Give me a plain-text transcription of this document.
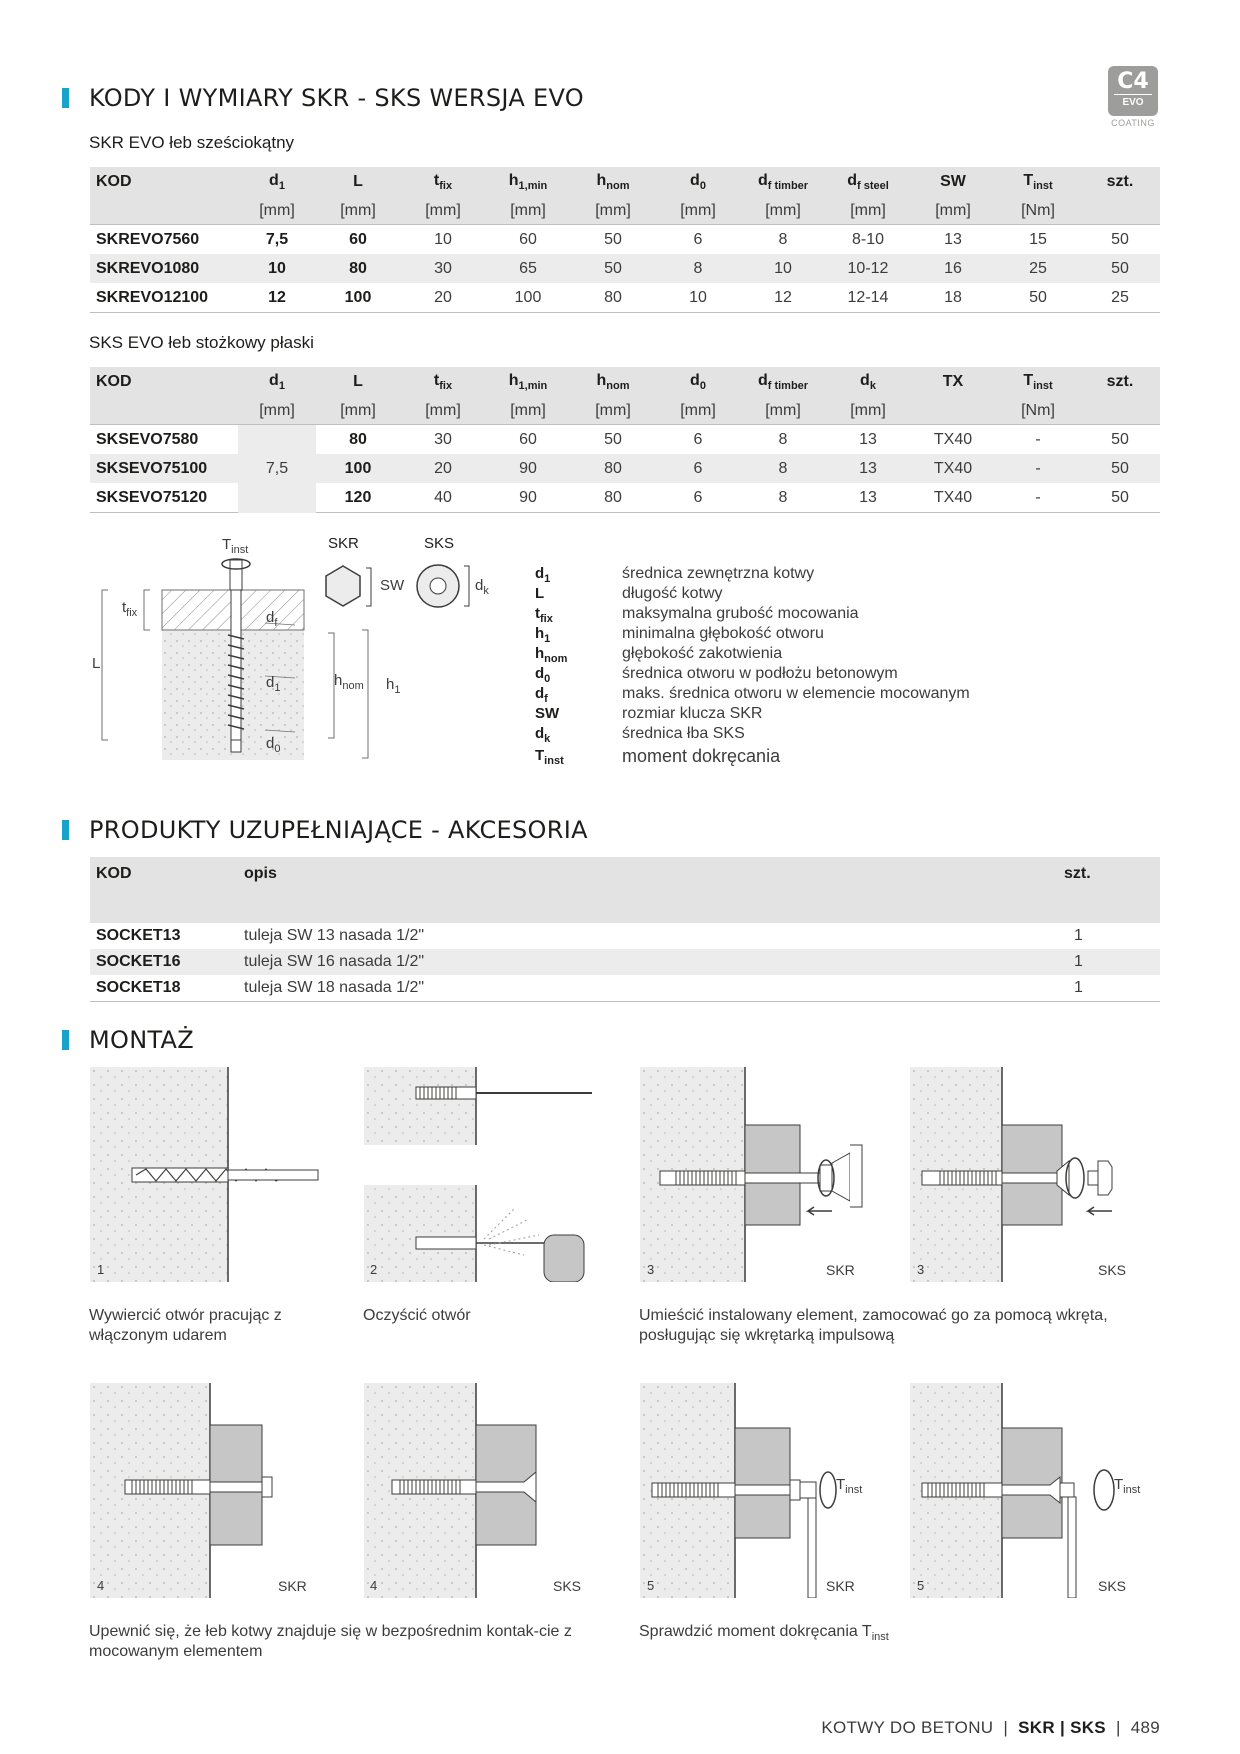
C4
EVO
COATING
KODY I WYMIARY SKR - SKS WERSJA EVO
SKR EVO łeb sześciokątny
KOD	$d_1$	L	$t_{fix}$	$h_{1,min}$	$h_{nom}$	$d_0$	$d_{f timber}$	$d_{f steel}$	SW	$T_{inst}$	szt.
	[mm]	[mm]	[mm]	[mm]	[mm]	[mm]	[mm]	[mm]	[mm]	[Nm]	
SKREVO7560	7,5	60	10	60	50	6	8	8-10	13	15	50
SKREVO1080	10	80	30	65	50	8	10	10-12	16	25	50
SKREVO12100	12	100	20	100	80	10	12	12-14	18	50	25
SKS EVO łeb stożkowy płaski
KOD	$d_1$	L	$t_{fix}$	$h_{1,min}$	$h_{nom}$	$d_0$	$d_{f timber}$	$d_k$	TX	$T_{inst}$	szt.
	[mm]	[mm]	[mm]	[mm]	[mm]	[mm]	[mm]	[mm]		[Nm]	
SKSEVO7580	7,5	80	30	60	50	6	8	13	TX40	-	50
SKSEVO75100		100	20	90	80	6	8	13	TX40	-	50
SKSEVO75120		120	40	90	80	6	8	13	TX40	-	50
$T_{inst}$
$t_{fix}$
L
$d_f$
$d_1$
$d_0$
$h_{nom}$ $h_1$
SKR	SKS
SW	$d_k$
$d_1$	średnica zewnętrzna kotwy
L	długość kotwy
$t_{fix}$	maksymalna grubość mocowania
$h_1$	minimalna głębokość otworu
$h_{nom}$	głębokość zakotwienia
$d_0$	średnica otworu w podłożu betonowym
$d_f$	maks. średnica otworu w elemencie mocowanym
SW	rozmiar klucza SKR
$d_k$	średnica łba SKS
$T_{inst}$	moment dokręcania
PRODUKTY UZUPEŁNIAJĄCE - AKCESORIA
KOD	opis	szt.
SOCKET13	tuleja SW 13 nasada 1/2"	1
SOCKET16	tuleja SW 16 nasada 1/2"	1
SOCKET18	tuleja SW 18 nasada 1/2"	1
MONTAŻ
1	2	3	SKR	3	SKS
Wywiercić otwór pracując z włączonym udarem
Oczyścić otwór	Umieścić instalowany element, zamocować go za pomocą wkręta, posługując się wkrętarką impulsową
4	SKR	4	SKS	5	SKR
$T_{inst}$
5	SKS
$T_{inst}$
Upewnić się, że łeb kotwy znajduje się w bezpośrednim kontak-cie z mocowanym elementem
Sprawdzić moment dokręcania $T_{inst}$
KOTWY DO BETONU  |  SKR | SKS  |  489
